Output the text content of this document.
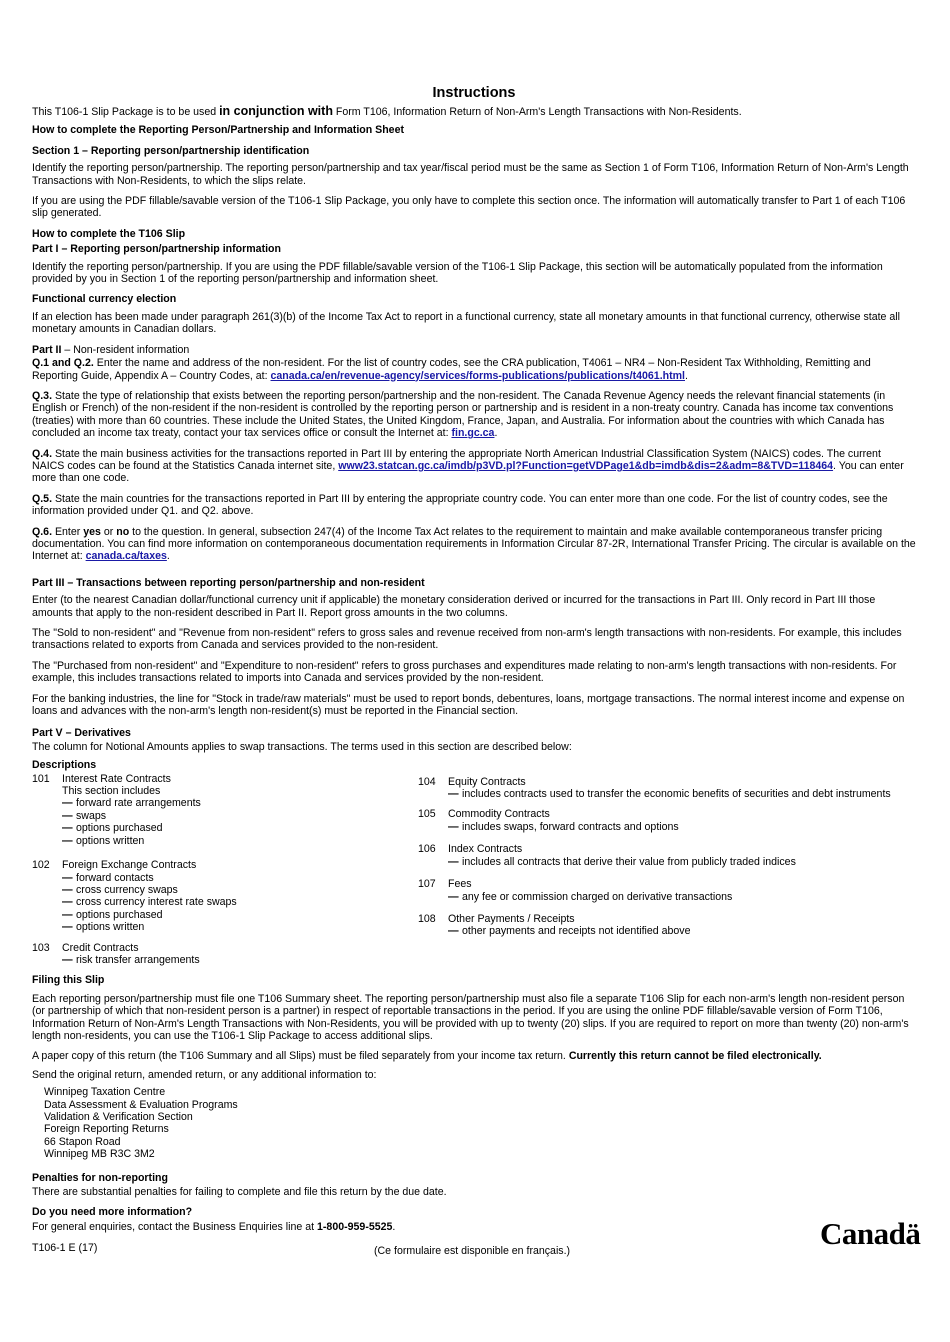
Instructions

This T106-1 Slip Package is to be used in conjunction with Form T106, Information Return of Non-Arm's Length Transactions with Non-Residents.

How to complete the Reporting Person/Partnership and Information Sheet

Section 1 – Reporting person/partnership identification

Identify the reporting person/partnership. The reporting person/partnership and tax year/fiscal period must be the same as Section 1 of Form T106, Information Return of Non-Arm's Length Transactions with Non-Residents, to which the slips relate.

If you are using the PDF fillable/savable version of the T106-1 Slip Package, you only have to complete this section once. The information will automatically transfer to Part 1 of each T106 slip generated.

How to complete the T106 Slip

Part I – Reporting person/partnership information

Identify the reporting person/partnership. If you are using the PDF fillable/savable version of the T106-1 Slip Package, this section will be automatically populated from the information provided by you in Section 1 of the reporting person/partnership and information sheet.

Functional currency election

If an election has been made under paragraph 261(3)(b) of the Income Tax Act to report in a functional currency, state all monetary amounts in that functional currency, otherwise state all monetary amounts in Canadian dollars.

Part II – Non-resident information

Q.1 and Q.2. Enter the name and address of the non-resident. For the list of country codes, see the CRA publication, T4061 – NR4 – Non-Resident Tax Withholding, Remitting and Reporting Guide, Appendix A – Country Codes, at: canada.ca/en/revenue-agency/services/forms-publications/publications/t4061.html.

Q.3. State the type of relationship that exists between the reporting person/partnership and the non-resident. The Canada Revenue Agency needs the relevant financial statements (in English or French) of the non-resident if the non-resident is controlled by the reporting person or partnership and is resident in a non-treaty country. Canada has income tax conventions (treaties) with more than 60 countries. These include the United States, the United Kingdom, France, Japan, and Australia. For information about the countries with which Canada has concluded an income tax treaty, contact your tax services office or consult the Internet at: fin.gc.ca.

Q.4. State the main business activities for the transactions reported in Part III by entering the appropriate North American Industrial Classification System (NAICS) codes. The current NAICS codes can be found at the Statistics Canada internet site, www23.statcan.gc.ca/imdb/p3VD.pl?Function=getVDPage1&db=imdb&dis=2&adm=8&TVD=118464. You can enter more than one code.

Q.5. State the main countries for the transactions reported in Part III by entering the appropriate country code. You can enter more than one code. For the list of country codes, see the information provided under Q1. and Q2. above.

Q.6. Enter yes or no to the question. In general, subsection 247(4) of the Income Tax Act relates to the requirement to maintain and make available contemporaneous transfer pricing documentation. You can find more information on contemporaneous documentation requirements in Information Circular 87-2R, International Transfer Pricing. The circular is available on the Internet at: canada.ca/taxes.

Part III – Transactions between reporting person/partnership and non-resident

Enter (to the nearest Canadian dollar/functional currency unit if applicable) the monetary consideration derived or incurred for the transactions in Part III. Only record in Part III those amounts that apply to the non-resident described in Part II. Report gross amounts in the two columns.

The "Sold to non-resident" and "Revenue from non-resident" refers to gross sales and revenue received from non-arm's length transactions with non-residents. For example, this includes transactions related to exports from Canada and services provided to the non-resident.

The "Purchased from non-resident" and "Expenditure to non-resident" refers to gross purchases and expenditures made relating to non-arm's length transactions with non-residents. For example, this includes transactions related to imports into Canada and services provided by the non-resident.

For the banking industries, the line for "Stock in trade/raw materials" must be used to report bonds, debentures, loans, mortgage transactions. The normal interest income and expense on loans and advances with the non-arm's length non-resident(s) must be reported in the Financial section.

Part V – Derivatives

The column for Notional Amounts applies to swap transactions. The terms used in this section are described below:

Descriptions

101	Interest Rate Contracts
This section includes
— forward rate arrangements
— swaps
— options purchased
— options written
102	Foreign Exchange Contracts
— forward contacts
— cross currency swaps
— cross currency interest rate swaps
— options purchased
— options written
103	Credit Contracts
— risk transfer arrangements
104	Equity Contracts
— includes contracts used to transfer the economic benefits of securities and debt instruments
105	Commodity Contracts
— includes swaps, forward contracts and options
106	Index Contracts
— includes all contracts that derive their value from publicly traded indices
107	Fees
— any fee or commission charged on derivative transactions
108	Other Payments / Receipts
— other payments and receipts not identified above

Filing this Slip

Each reporting person/partnership must file one T106 Summary sheet. The reporting person/partnership must also file a separate T106 Slip for each non-arm's length non-resident person (or partnership of which that non-resident person is a partner) in respect of reportable transactions in the period. If you are using the online PDF fillable/savable version of Form T106, Information Return of Non-Arm's Length Transactions with Non-Residents, you will be provided with up to twenty (20) slips. If you are required to report on more than twenty (20) non-arm's length non-residents, you can use the T106-1 Slip Package to access additional slips.

A paper copy of this return (the T106 Summary and all Slips) must be filed separately from your income tax return. Currently this return cannot be filed electronically.

Send the original return, amended return, or any additional information to:

Winnipeg Taxation Centre
Data Assessment & Evaluation Programs
Validation & Verification Section
Foreign Reporting Returns
66 Stapon Road
Winnipeg MB R3C 3M2

Penalties for non-reporting

There are substantial penalties for failing to complete and file this return by the due date.

Do you need more information?

For general enquiries, contact the Business Enquiries line at 1-800-959-5525.

T106-1 E (17)	(Ce formulaire est disponible en français.)	Canadä
